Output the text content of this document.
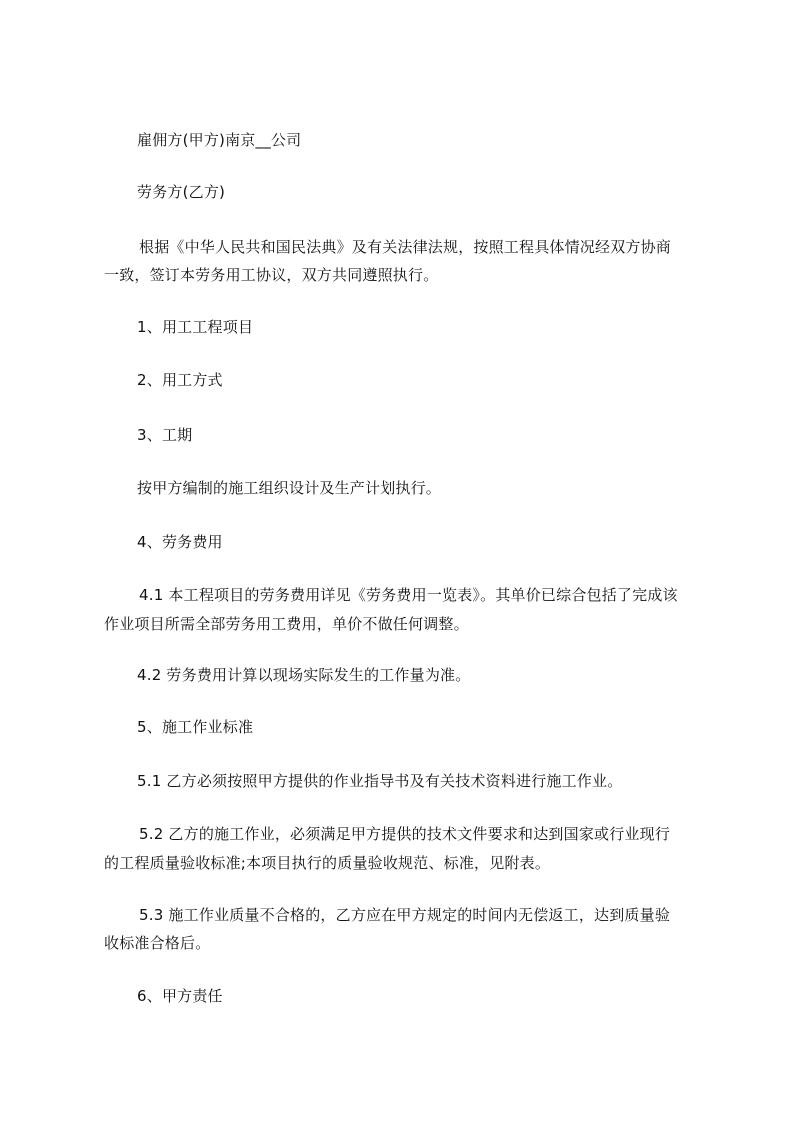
雇佣方(甲方)南京__公司
劳务方(乙方)
根据《中华人民共和国民法典》及有关法律法规，按照工程具体情况经双方协商
一致，签订本劳务用工协议，双方共同遵照执行。
1、用工工程项目
2、用工方式
3、工期
按甲方编制的施工组织设计及生产计划执行。
4、劳务费用
4.1 本工程项目的劳务费用详见《劳务费用一览表》。其单价已综合包括了完成该
作业项目所需全部劳务用工费用，单价不做任何调整。
4.2 劳务费用计算以现场实际发生的工作量为准。
5、施工作业标准
5.1 乙方必须按照甲方提供的作业指导书及有关技术资料进行施工作业。
5.2 乙方的施工作业，必须满足甲方提供的技术文件要求和达到国家或行业现行
的工程质量验收标准;本项目执行的质量验收规范、标准，见附表。
5.3 施工作业质量不合格的，乙方应在甲方规定的时间内无偿返工，达到质量验
收标准合格后。
6、甲方责任
